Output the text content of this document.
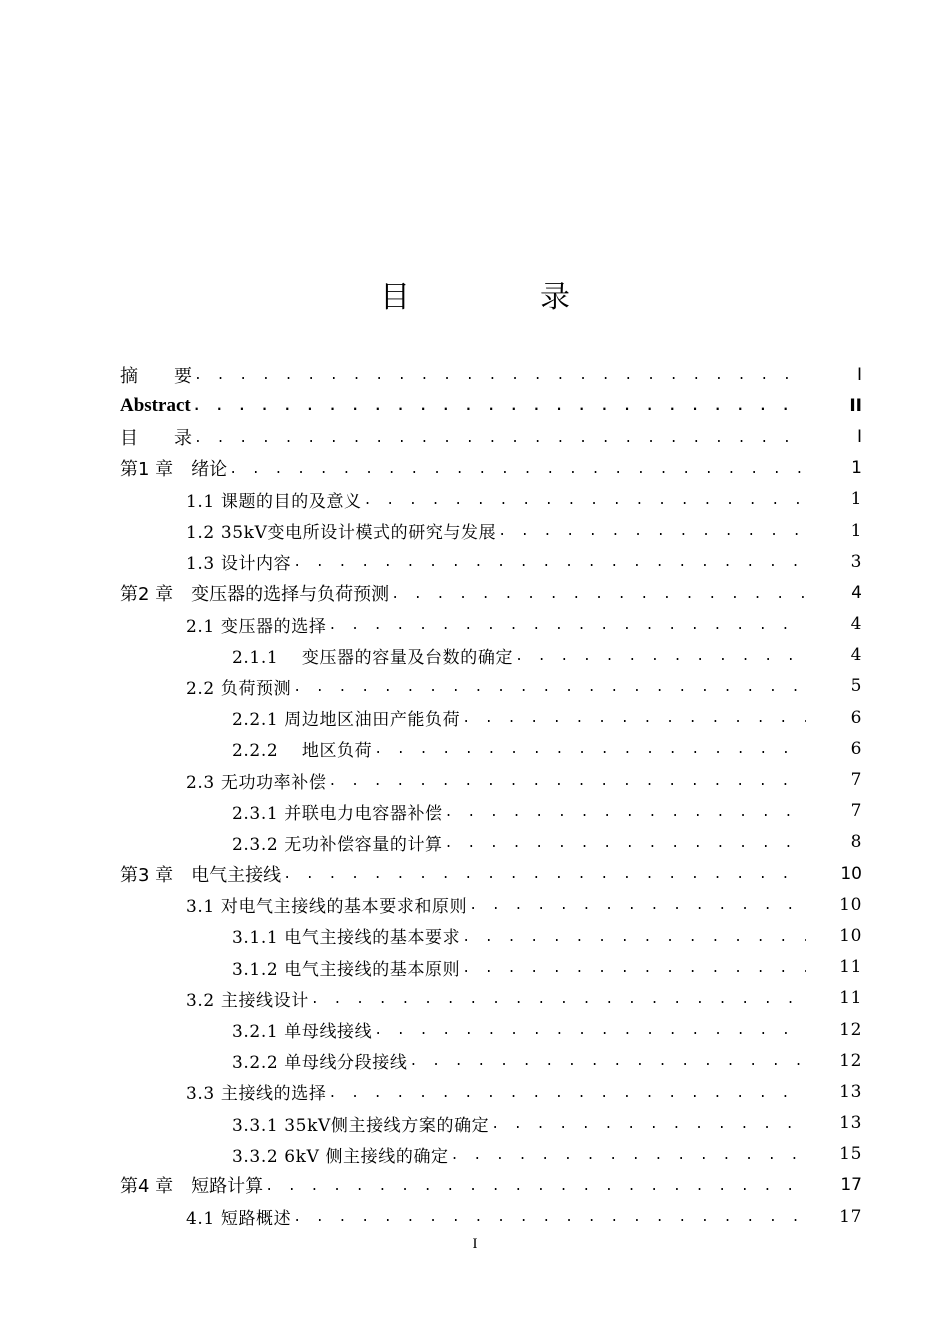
目　录
摘　　要 . . .	Ⅰ
Abstract . . .	ⅠⅠ
目　　录 . . .	Ⅰ
第1 章　绪论 . . .	1
1.1 课题的目的及意义 . . .	1
1.2 35kV变电所设计模式的研究与发展 . . .	1
1.3 设计内容 . . .	3
第2 章　变压器的选择与负荷预测 . . .	4
2.1 变压器的选择 . . .	4
2.1.1　 变压器的容量及台数的确定 . . .	4
2.2 负荷预测 . . .	5
2.2.1 周边地区油田产能负荷 . . .	6
2.2.2　 地区负荷 . . .	6
2.3 无功功率补偿 . . .	7
2.3.1 并联电力电容器补偿 . . .	7
2.3.2 无功补偿容量的计算 . . .	8
第3 章　电气主接线 . . .	10
3.1 对电气主接线的基本要求和原则 . . .	10
3.1.1 电气主接线的基本要求 . . .	10
3.1.2 电气主接线的基本原则 . . .	11
3.2 主接线设计 . . .	11
3.2.1 单母线接线 . . .	12
3.2.2 单母线分段接线 . . .	12
3.3 主接线的选择 . . .	13
3.3.1 35kV侧主接线方案的确定 . . .	13
3.3.2 6kV 侧主接线的确定 . . .	15
第4 章　短路计算 . . .	17
4.1 短路概述 . . .	17
I
